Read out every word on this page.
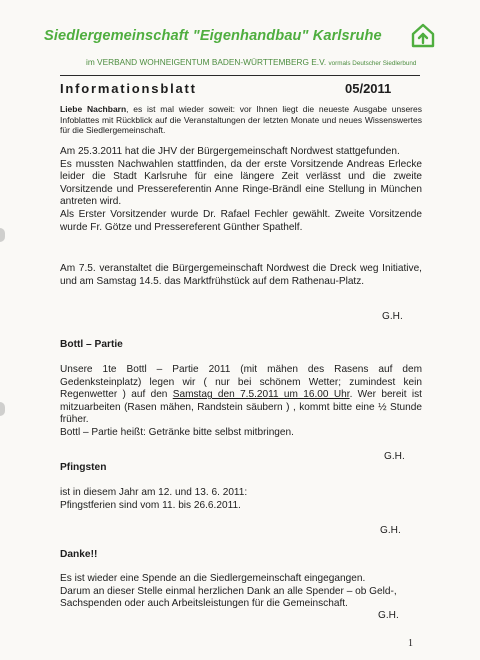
Siedlergemeinschaft "Eigenhandbau" Karlsruhe
im VERBAND WOHNEIGENTUM BADEN-WÜRTTEMBERG E.V. vormals Deutscher Siedlerbund
Informationsblatt	05/2011
Liebe Nachbarn, es ist mal wieder soweit: vor Ihnen liegt die neueste Ausgabe unseres Infoblattes mit Rückblick auf die Veranstaltungen der letzten Monate und neues Wissenswertes für die Siedlergemeinschaft.
Am 25.3.2011 hat die JHV der Bürgergemeinschaft Nordwest stattgefunden.
Es mussten Nachwahlen stattfinden, da der erste Vorsitzende Andreas Erlecke leider die Stadt Karlsruhe für eine längere Zeit verlässt und die zweite Vorsitzende und Pressereferentin Anne Ringe-Brändl eine Stellung in München antreten wird.
Als Erster Vorsitzender wurde Dr. Rafael Fechler gewählt. Zweite Vorsitzende wurde Fr. Götze und Pressereferent Günther Spathelf.
Am 7.5. veranstaltet die Bürgergemeinschaft Nordwest die Dreck weg Initiative, und am Samstag 14.5. das Marktfrühstück auf dem Rathenau-Platz.
G.H.
Bottl – Partie
Unsere 1te Bottl – Partie 2011 (mit mähen des Rasens auf dem Gedenksteinplatz) legen wir ( nur bei schönem Wetter; zumindest kein Regenwetter ) auf den Samstag den 7.5.2011 um 16.00 Uhr. Wer bereit ist mitzuarbeiten (Rasen mähen, Randstein säubern ) , kommt bitte eine ½ Stunde früher.
Bottl – Partie heißt: Getränke bitte selbst mitbringen.
G.H.
Pfingsten
ist in diesem Jahr am 12. und 13. 6. 2011:
Pfingstferien sind vom 11. bis 26.6.2011.
G.H.
Danke!!
Es ist wieder eine Spende an die Siedlergemeinschaft eingegangen.
Darum an dieser Stelle einmal herzlichen Dank an alle Spender – ob Geld-, Sachspenden oder auch Arbeitsleistungen für die Gemeinschaft.
G.H.
1
